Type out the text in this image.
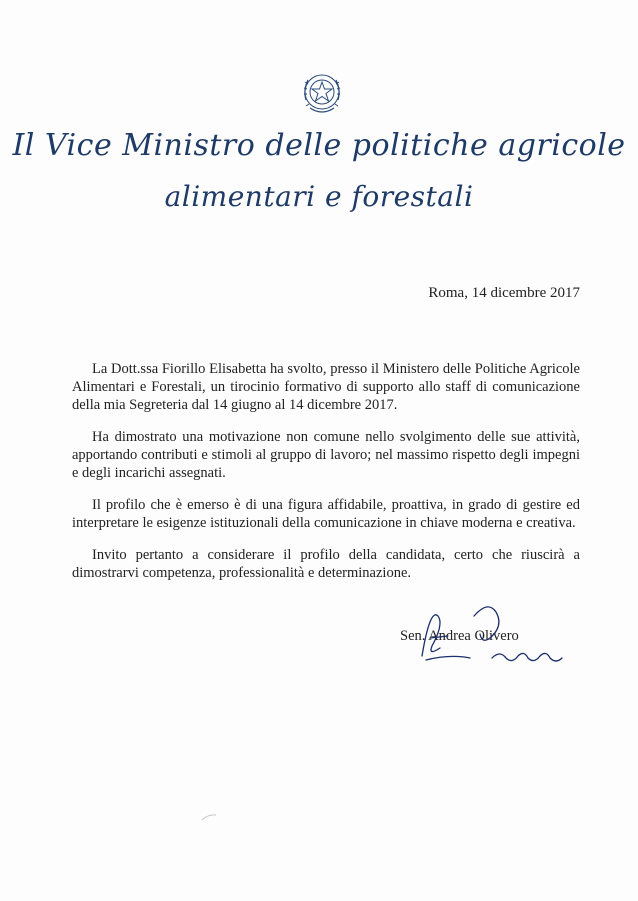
Il Vice Ministro delle politiche agricole
alimentari e forestali
Roma, 14 dicembre 2017

La Dott.ssa Fiorillo Elisabetta ha svolto, presso il Ministero delle Politiche Agricole Alimentari e Forestali, un tirocinio formativo di supporto allo staff di comunicazione della mia Segreteria dal 14 giugno al 14 dicembre 2017.

Ha dimostrato una motivazione non comune nello svolgimento delle sue attività, apportando contributi e stimoli al gruppo di lavoro; nel massimo rispetto degli impegni e degli incarichi assegnati.

Il profilo che è emerso è di una figura affidabile, proattiva, in grado di gestire ed interpretare le esigenze istituzionali della comunicazione in chiave moderna e creativa.

Invito pertanto a considerare il profilo della candidata, certo che riuscirà a dimostrarvi competenza, professionalità e determinazione.

Sen. Andrea Olivero
